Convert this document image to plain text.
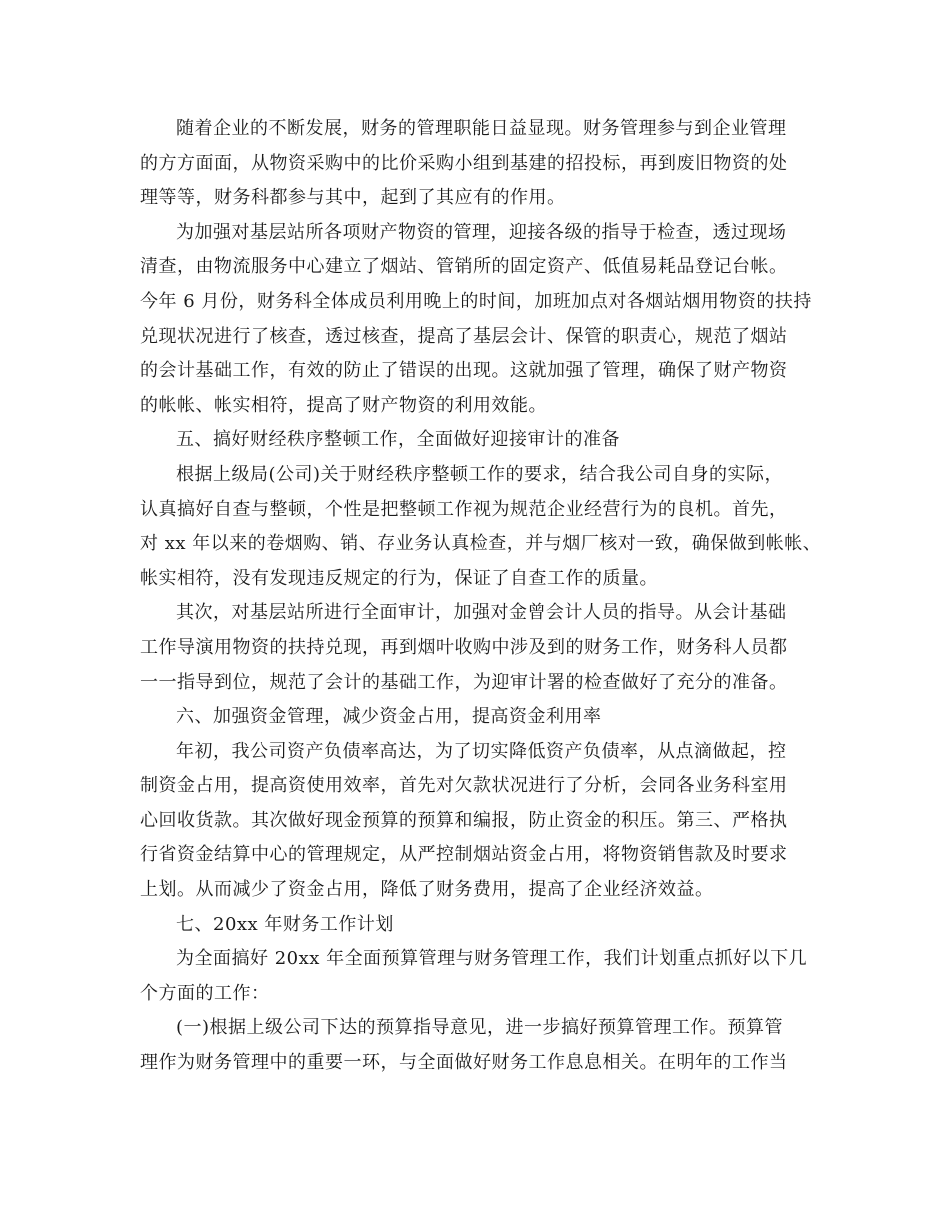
随着企业的不断发展，财务的管理职能日益显现。财务管理参与到企业管理
的方方面面，从物资采购中的比价采购小组到基建的招投标，再到废旧物资的处
理等等，财务科都参与其中，起到了其应有的作用。
为加强对基层站所各项财产物资的管理，迎接各级的指导于检查，透过现场
清查，由物流服务中心建立了烟站、管销所的固定资产、低值易耗品登记台帐。
今年 6 月份，财务科全体成员利用晚上的时间，加班加点对各烟站烟用物资的扶持
兑现状况进行了核查，透过核查，提高了基层会计、保管的职责心，规范了烟站
的会计基础工作，有效的防止了错误的出现。这就加强了管理，确保了财产物资
的帐帐、帐实相符，提高了财产物资的利用效能。
五、搞好财经秩序整顿工作，全面做好迎接审计的准备
根据上级局(公司)关于财经秩序整顿工作的要求，结合我公司自身的实际，
认真搞好自查与整顿，个性是把整顿工作视为规范企业经营行为的良机。首先，
对 xx 年以来的卷烟购、销、存业务认真检查，并与烟厂核对一致，确保做到帐帐、
帐实相符，没有发现违反规定的行为，保证了自查工作的质量。
其次，对基层站所进行全面审计，加强对金曾会计人员的指导。从会计基础
工作导演用物资的扶持兑现，再到烟叶收购中涉及到的财务工作，财务科人员都
一一指导到位，规范了会计的基础工作，为迎审计署的检查做好了充分的准备。
六、加强资金管理，减少资金占用，提高资金利用率
年初，我公司资产负债率高达，为了切实降低资产负债率，从点滴做起，控
制资金占用，提高资使用效率，首先对欠款状况进行了分析，会同各业务科室用
心回收货款。其次做好现金预算的预算和编报，防止资金的积压。第三、严格执
行省资金结算中心的管理规定，从严控制烟站资金占用，将物资销售款及时要求
上划。从而减少了资金占用，降低了财务费用，提高了企业经济效益。
七、20xx 年财务工作计划
为全面搞好 20xx 年全面预算管理与财务管理工作，我们计划重点抓好以下几
个方面的工作：
(一)根据上级公司下达的预算指导意见，进一步搞好预算管理工作。预算管
理作为财务管理中的重要一环，与全面做好财务工作息息相关。在明年的工作当
